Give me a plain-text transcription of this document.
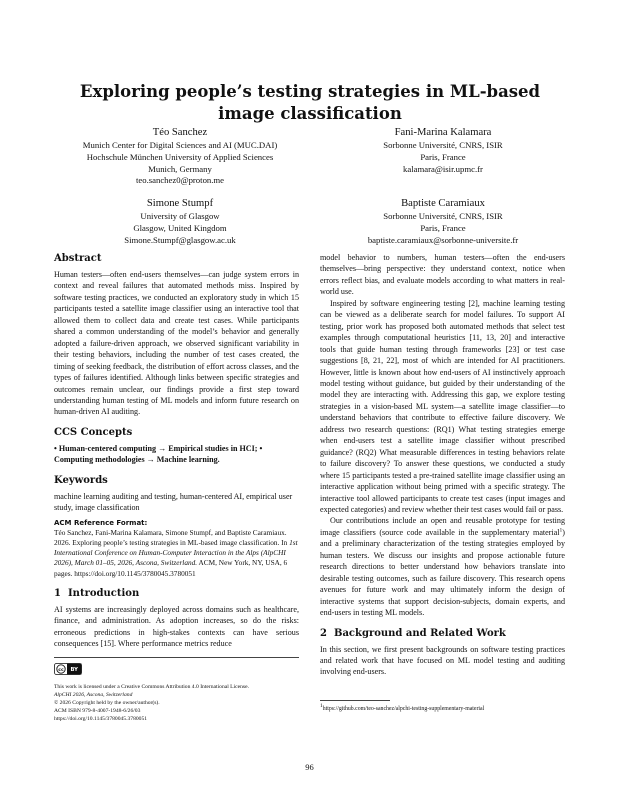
Exploring people’s testing strategies in ML-based image classification
Téo Sanchez
Munich Center for Digital Sciences and AI (MUC.DAI)
Hochschule München University of Applied Sciences
Munich, Germany
teo.sanchez0@proton.me
Fani-Marina Kalamara
Sorbonne Université, CNRS, ISIR
Paris, France
kalamara@isir.upmc.fr
Simone Stumpf
University of Glasgow
Glasgow, United Kingdom
Simone.Stumpf@glasgow.ac.uk
Baptiste Caramiaux
Sorbonne Université, CNRS, ISIR
Paris, France
baptiste.caramiaux@sorbonne-universite.fr
Abstract

Human testers—often end-users themselves—can judge system errors in context and reveal failures that automated methods miss. Inspired by software testing practices, we conducted an exploratory study in which 15 participants tested a satellite image classifier using an interactive tool that allowed them to collect data and create test cases. While participants shared a common understanding of the model’s behavior and generally adopted a failure-driven approach, we observed significant variability in their testing behaviors, including the number of test cases created, the timing of seeking feedback, the distribution of effort across classes, and the types of failures identified. Although links between specific strategies and outcomes remain unclear, our findings provide a first step toward understanding human testing of ML models and inform future research on human-driven AI auditing.

CCS Concepts
• Human-centered computing → Empirical studies in HCI; •
Computing methodologies → Machine learning.
Keywords

machine learning auditing and testing, human-centered AI, empirical user study, image classification

ACM Reference Format:

Téo Sanchez, Fani-Marina Kalamara, Simone Stumpf, and Baptiste Caramiaux. 2026. Exploring people’s testing strategies in ML-based image classification. In 1st International Conference on Human-Computer Interaction in the Alps (AlpCHI 2026), March 01–05, 2026, Ascona, Switzerland. ACM, New York, NY, USA, 6 pages. https://doi.org/10.1145/3780045.3780051

1 Introduction

AI systems are increasingly deployed across domains such as healthcare, finance, and administration. As adoption increases, so do the risks: erroneous predictions in high-stakes contexts can have serious consequences [15]. Where performance metrics reduce

cc BY
This work is licensed under a Creative Commons Attribution 4.0 International License.
AlpCHI 2026, Ascona, Switzerland
© 2026 Copyright held by the owner/author(s).
ACM ISBN 979-8-4007-1948-6/26/03
https://doi.org/10.1145/3780045.3780051

model behavior to numbers, human testers—often the end-users themselves—bring perspective: they understand context, notice when errors reflect bias, and evaluate models according to what matters in real-world use.

Inspired by software engineering testing [2], machine learning testing can be viewed as a deliberate search for model failures. To support AI testing, prior work has proposed both automated methods that select test examples through computational heuristics [11, 13, 20] and interactive tools that guide human testing through frameworks [23] or test case suggestions [8, 21, 22], most of which are intended for AI practitioners. However, little is known about how end-users of AI instinctively approach model testing without guidance, but guided by their understanding of the model they are interacting with. Addressing this gap, we explore testing strategies in a vision-based ML system—a satellite image classifier—to understand behaviors that contribute to effective failure discovery. We address two research questions: (RQ1) What testing strategies emerge when end-users test a satellite image classifier without prescribed guidance? (RQ2) What measurable differences in testing behaviors relate to failure discovery? To answer these questions, we conducted a study where 15 participants tested a pre-trained satellite image classifier using an interactive application without being primed with a specific strategy. The interactive tool allowed participants to create test cases (input images and expected categories) and review whether their test cases would fail or pass.

Our contributions include an open and reusable prototype for testing image classifiers (source code available in the supplementary material$^1$) and a preliminary characterization of the testing strategies employed by human testers. We discuss our insights and propose actionable future research directions to better understand how behaviors translate into desirable testing outcomes, such as failure discovery. This research opens avenues for future work and may ultimately inform the design of interactive systems that support decision-subjects, domain experts, and end-users in testing ML models.

2 Background and Related Work

In this section, we first present backgrounds on software testing practices and related work that have focused on ML model testing and auditing involving end-users.

$^1$https://github.com/teo-sanchez/alpchi-testing-supplementary-material
96
